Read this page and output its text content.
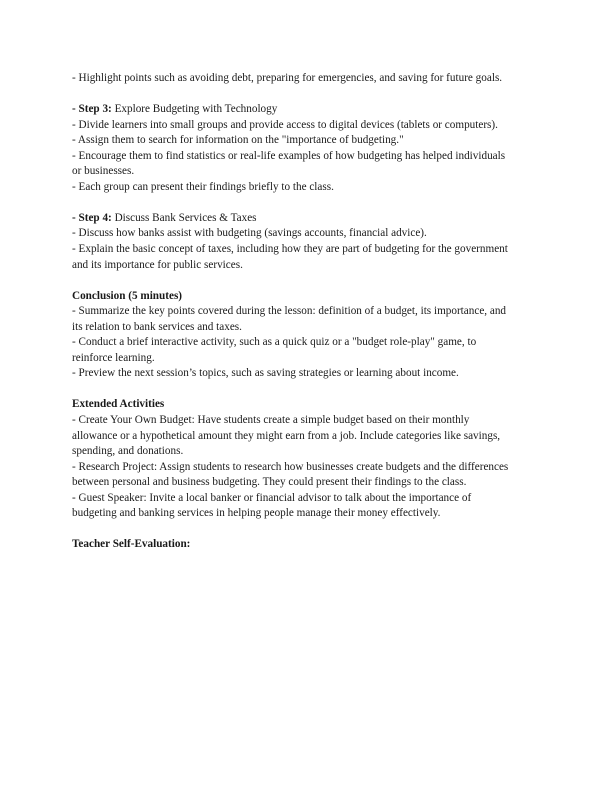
- Highlight points such as avoiding debt, preparing for emergencies, and saving for future goals.
- Step 3: Explore Budgeting with Technology
- Divide learners into small groups and provide access to digital devices (tablets or computers).
- Assign them to search for information on the "importance of budgeting."
- Encourage them to find statistics or real-life examples of how budgeting has helped individuals
or businesses.
- Each group can present their findings briefly to the class.
- Step 4: Discuss Bank Services & Taxes
- Discuss how banks assist with budgeting (savings accounts, financial advice).
- Explain the basic concept of taxes, including how they are part of budgeting for the government
and its importance for public services.
Conclusion (5 minutes)
- Summarize the key points covered during the lesson: definition of a budget, its importance, and
its relation to bank services and taxes.
- Conduct a brief interactive activity, such as a quick quiz or a "budget role-play" game, to
reinforce learning.
- Preview the next session’s topics, such as saving strategies or learning about income.
Extended Activities
- Create Your Own Budget: Have students create a simple budget based on their monthly
allowance or a hypothetical amount they might earn from a job. Include categories like savings,
spending, and donations.
- Research Project: Assign students to research how businesses create budgets and the differences
between personal and business budgeting. They could present their findings to the class.
- Guest Speaker: Invite a local banker or financial advisor to talk about the importance of
budgeting and banking services in helping people manage their money effectively.
Teacher Self-Evaluation:
